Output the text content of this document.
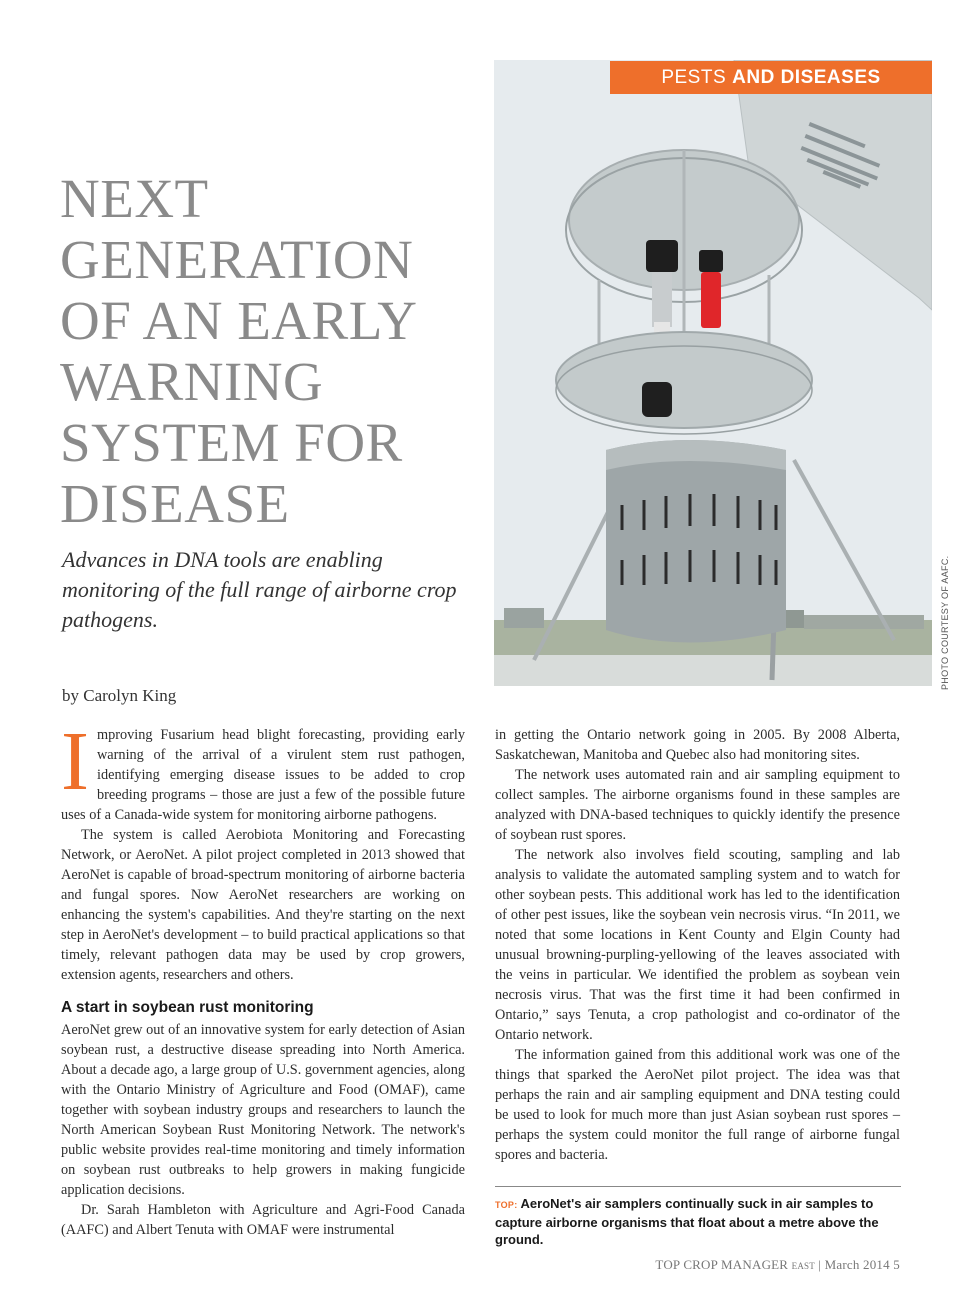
PESTS AND DISEASES
PHOTO COURTESY OF AAFC.
NEXT GENERATION OF AN EARLY WARNING SYSTEM FOR DISEASE

Advances in DNA tools are enabling monitoring of the full range of airborne crop pathogens.

by Carolyn King

Improving Fusarium head blight forecasting, providing early warning of the arrival of a virulent stem rust pathogen, identifying emerging disease issues to be added to crop breeding programs – those are just a few of the possible future uses of a Canada-wide system for monitoring airborne pathogens.

The system is called Aerobiota Monitoring and Forecasting Network, or AeroNet. A pilot project completed in 2013 showed that AeroNet is capable of broad-spectrum monitoring of airborne bacteria and fungal spores. Now AeroNet researchers are working on enhancing the system's capabilities. And they're starting on the next step in AeroNet's development – to build practical applications so that timely, relevant pathogen data may be used by crop growers, extension agents, researchers and others.

A start in soybean rust monitoring

AeroNet grew out of an innovative system for early detection of Asian soybean rust, a destructive disease spreading into North America. About a decade ago, a large group of U.S. government agencies, along with the Ontario Ministry of Agriculture and Food (OMAF), came together with soybean industry groups and researchers to launch the North American Soybean Rust Monitoring Network. The network's public website provides real-time monitoring and timely information on soybean rust outbreaks to help growers in making fungicide application decisions.

Dr. Sarah Hambleton with Agriculture and Agri-Food Canada (AAFC) and Albert Tenuta with OMAF were instrumental

in getting the Ontario network going in 2005. By 2008 Alberta, Saskatchewan, Manitoba and Quebec also had monitoring sites.

The network uses automated rain and air sampling equipment to collect samples. The airborne organisms found in these samples are analyzed with DNA-based techniques to quickly identify the presence of soybean rust spores.

The network also involves field scouting, sampling and lab analysis to validate the automated sampling system and to watch for other soybean pests. This additional work has led to the identification of other pest issues, like the soybean vein necrosis virus. “In 2011, we noted that some locations in Kent County and Elgin County had unusual browning-purpling-yellowing of the leaves associated with the veins in particular. We identified the problem as soybean vein necrosis virus. That was the first time it had been confirmed in Ontario,” says Tenuta, a crop pathologist and co-ordinator of the Ontario network.

The information gained from this additional work was one of the things that sparked the AeroNet pilot project. The idea was that perhaps the rain and air sampling equipment and DNA testing could be used to look for much more than just Asian soybean rust spores – perhaps the system could monitor the full range of airborne fungal spores and bacteria.

TOP: AeroNet's air samplers continually suck in air samples to capture airborne organisms that float about a metre above the ground.
TOP CROP MANAGER EAST | March 2014 5
